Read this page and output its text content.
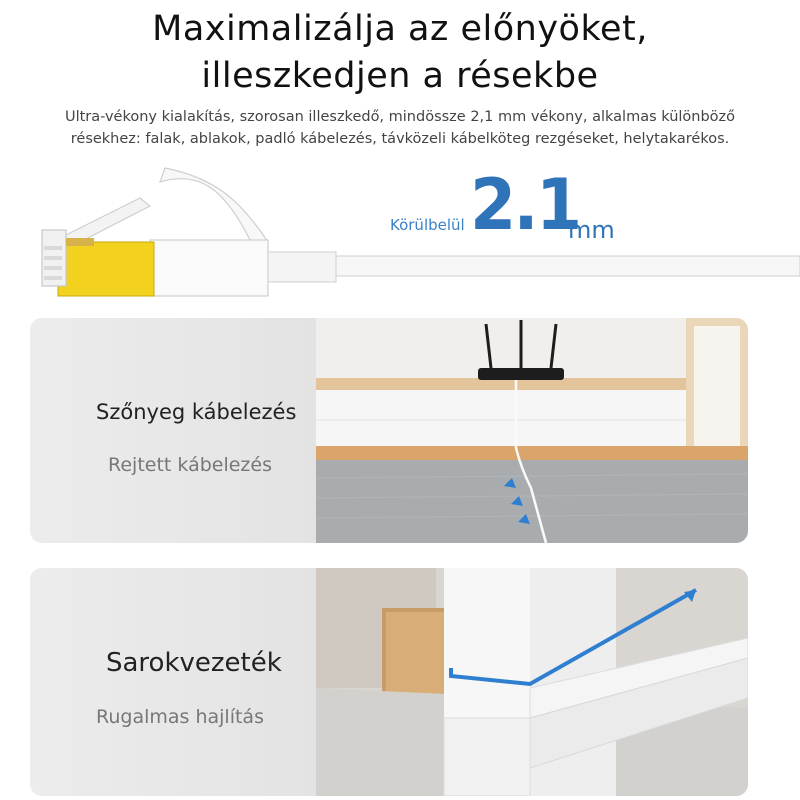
Maximalizálja az előnyöket,
illeszkedjen a résekbe
Ultra-vékony kialakítás, szorosan illeszkedő, mindössze 2,1 mm vékony, alkalmas különböző
résekhez: falak, ablakok, padló kábelezés, távközeli kábelköteg rezgéseket, helytakarékos.
Körülbelül 2.1
mm
Szőnyeg kábelezés
Rejtett kábelezés
Sarokvezeték
Rugalmas hajlítás
